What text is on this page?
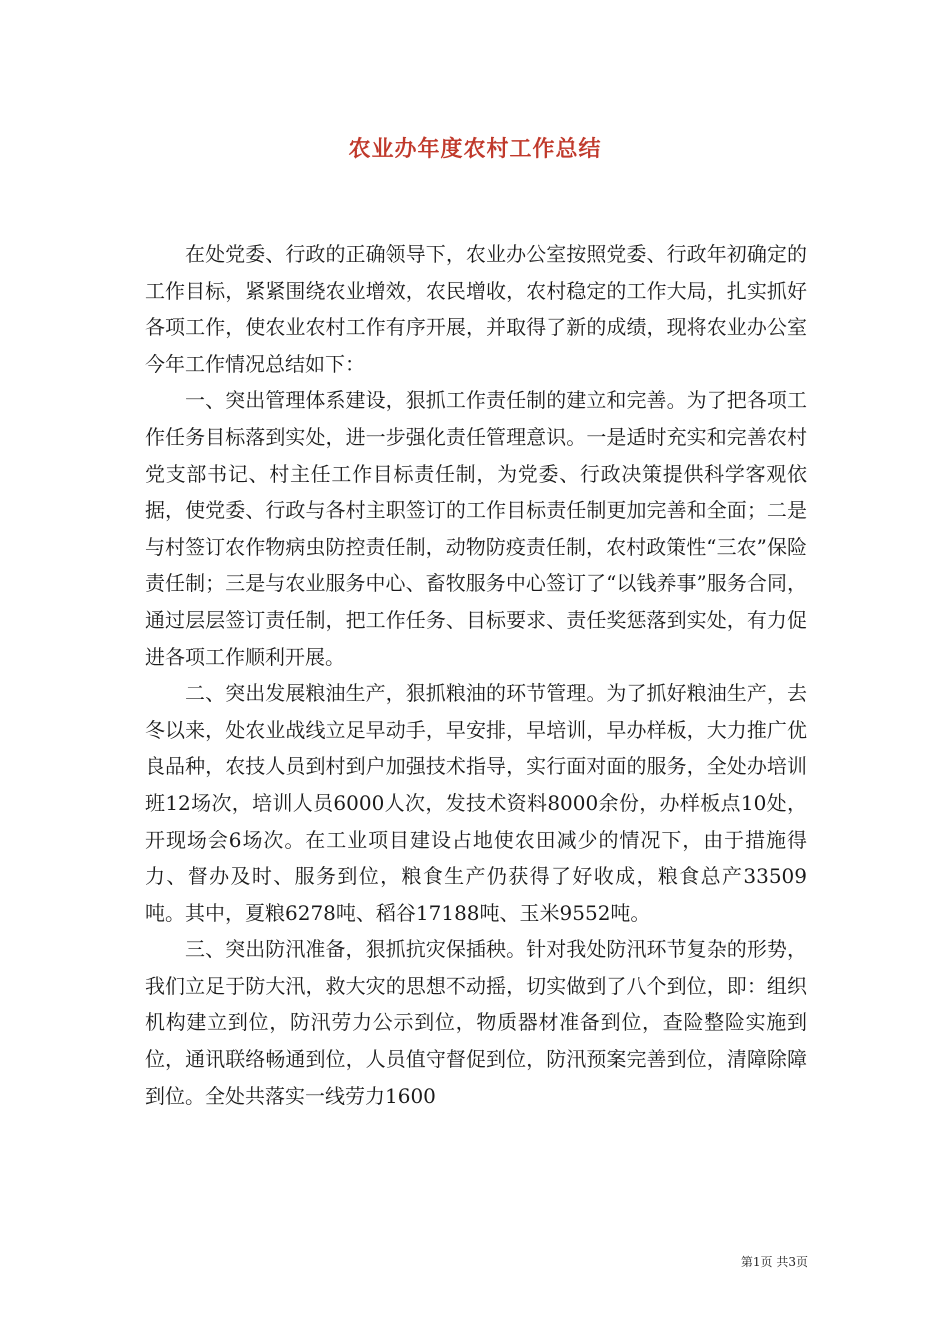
农业办年度农村工作总结

在处党委、行政的正确领导下，农业办公室按照党委、行政年初确定的工作目标，紧紧围绕农业增效，农民增收，农村稳定的工作大局，扎实抓好各项工作，使农业农村工作有序开展，并取得了新的成绩，现将农业办公室今年工作情况总结如下：

一、突出管理体系建设，狠抓工作责任制的建立和完善。为了把各项工作任务目标落到实处，进一步强化责任管理意识。一是适时充实和完善农村党支部书记、村主任工作目标责任制，为党委、行政决策提供科学客观依据，使党委、行政与各村主职签订的工作目标责任制更加完善和全面；二是与村签订农作物病虫防控责任制，动物防疫责任制，农村政策性“三农”保险责任制；三是与农业服务中心、畜牧服务中心签订了“以钱养事”服务合同，通过层层签订责任制，把工作任务、目标要求、责任奖惩落到实处，有力促进各项工作顺利开展。

二、突出发展粮油生产，狠抓粮油的环节管理。为了抓好粮油生产，去冬以来，处农业战线立足早动手，早安排，早培训，早办样板，大力推广优良品种，农技人员到村到户加强技术指导，实行面对面的服务，全处办培训班12场次，培训人员6000人次，发技术资料8000余份，办样板点10处，开现场会6场次。在工业项目建设占地使农田减少的情况下，由于措施得力、督办及时、服务到位，粮食生产仍获得了好收成，粮食总产33509吨。其中，夏粮6278吨、稻谷17188吨、玉米9552吨。

三、突出防汛准备，狠抓抗灾保插秧。针对我处防汛环节复杂的形势，我们立足于防大汛，救大灾的思想不动摇，切实做到了八个到位，即：组织机构建立到位，防汛劳力公示到位，物质器材准备到位，查险整险实施到位，通讯联络畅通到位，人员值守督促到位，防汛预案完善到位，清障除障到位。全处共落实一线劳力1600

第1页 共3页
